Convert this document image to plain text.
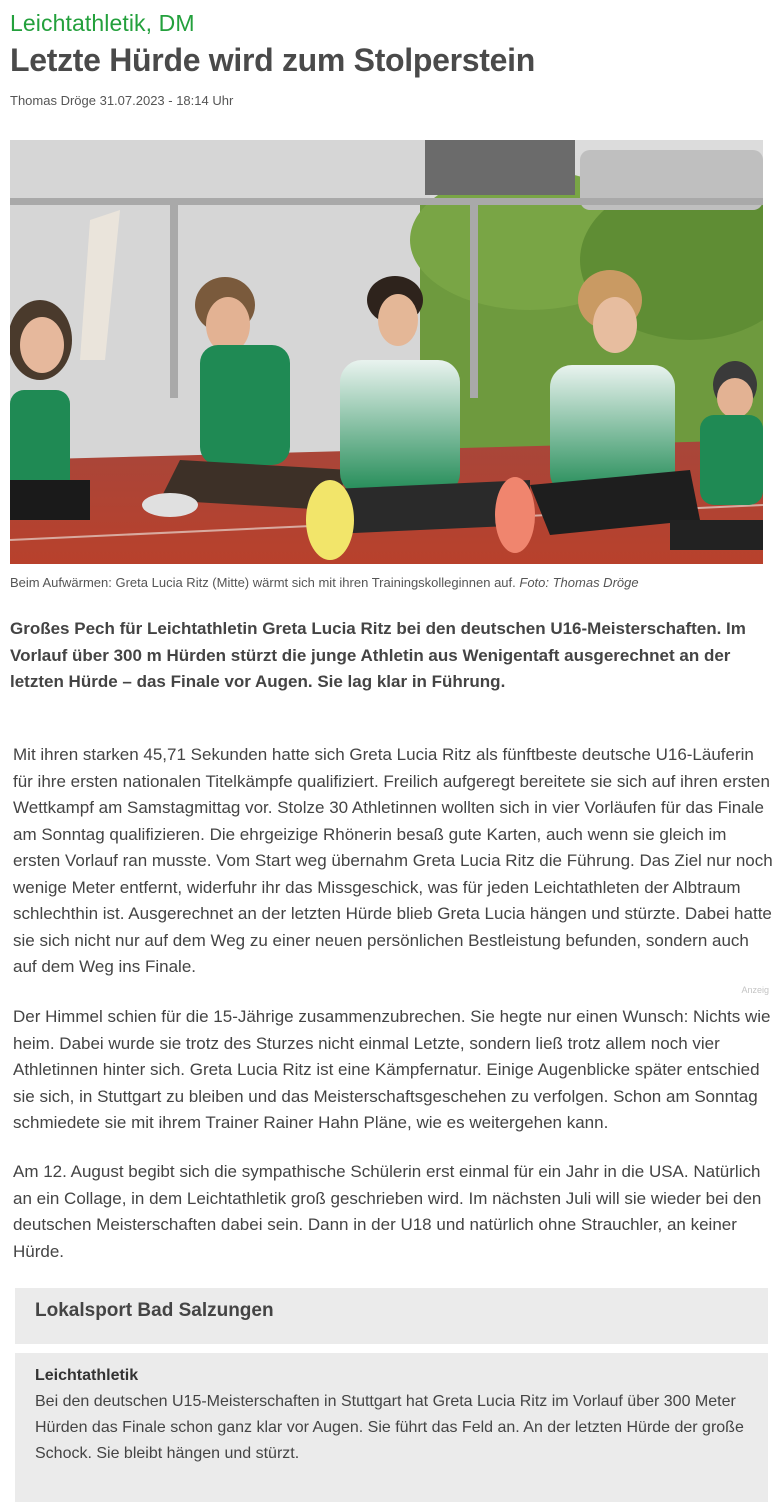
Leichtathletik, DM
Letzte Hürde wird zum Stolperstein
Thomas Dröge 31.07.2023 - 18:14 Uhr
Beim Aufwärmen: Greta Lucia Ritz (Mitte) wärmt sich mit ihren Trainingskolleginnen auf. Foto: Thomas Dröge

Großes Pech für Leichtathletin Greta Lucia Ritz bei den deutschen U16-Meisterschaften. Im Vorlauf über 300 m Hürden stürzt die junge Athletin aus Wenigentaft ausgerechnet an der letzten Hürde – das Finale vor Augen. Sie lag klar in Führung.

Mit ihren starken 45,71 Sekunden hatte sich Greta Lucia Ritz als fünftbeste deutsche U16-Läuferin für ihre ersten nationalen Titelkämpfe qualifiziert. Freilich aufgeregt bereitete sie sich auf ihren ersten Wettkampf am Samstagmittag vor. Stolze 30 Athletinnen wollten sich in vier Vorläufen für das Finale am Sonntag qualifizieren. Die ehrgeizige Rhönerin besaß gute Karten, auch wenn sie gleich im ersten Vorlauf ran musste. Vom Start weg übernahm Greta Lucia Ritz die Führung. Das Ziel nur noch wenige Meter entfernt, widerfuhr ihr das Missgeschick, was für jeden Leichtathleten der Albtraum schlechthin ist. Ausgerechnet an der letzten Hürde blieb Greta Lucia hängen und stürzte. Dabei hatte sie sich nicht nur auf dem Weg zu einer neuen persönlichen Bestleistung befunden, sondern auch auf dem Weg ins Finale.

Anzeig

Der Himmel schien für die 15-Jährige zusammenzubrechen. Sie hegte nur einen Wunsch: Nichts wie heim. Dabei wurde sie trotz des Sturzes nicht einmal Letzte, sondern ließ trotz allem noch vier Athletinnen hinter sich. Greta Lucia Ritz ist eine Kämpfernatur. Einige Augenblicke später entschied sie sich, in Stuttgart zu bleiben und das Meisterschaftsgeschehen zu verfolgen. Schon am Sonntag schmiedete sie mit ihrem Trainer Rainer Hahn Pläne, wie es weitergehen kann.

Am 12. August begibt sich die sympathische Schülerin erst einmal für ein Jahr in die USA. Natürlich an ein Collage, in dem Leichtathletik groß geschrieben wird. Im nächsten Juli will sie wieder bei den deutschen Meisterschaften dabei sein. Dann in der U18 und natürlich ohne Strauchler, an keiner Hürde.

Lokalsport Bad Salzungen
Leichtathletik
Bei den deutschen U15-Meisterschaften in Stuttgart hat Greta Lucia Ritz im Vorlauf über 300 Meter Hürden das Finale schon ganz klar vor Augen. Sie führt das Feld an. An der letzten Hürde der große Schock. Sie bleibt hängen und stürzt.
